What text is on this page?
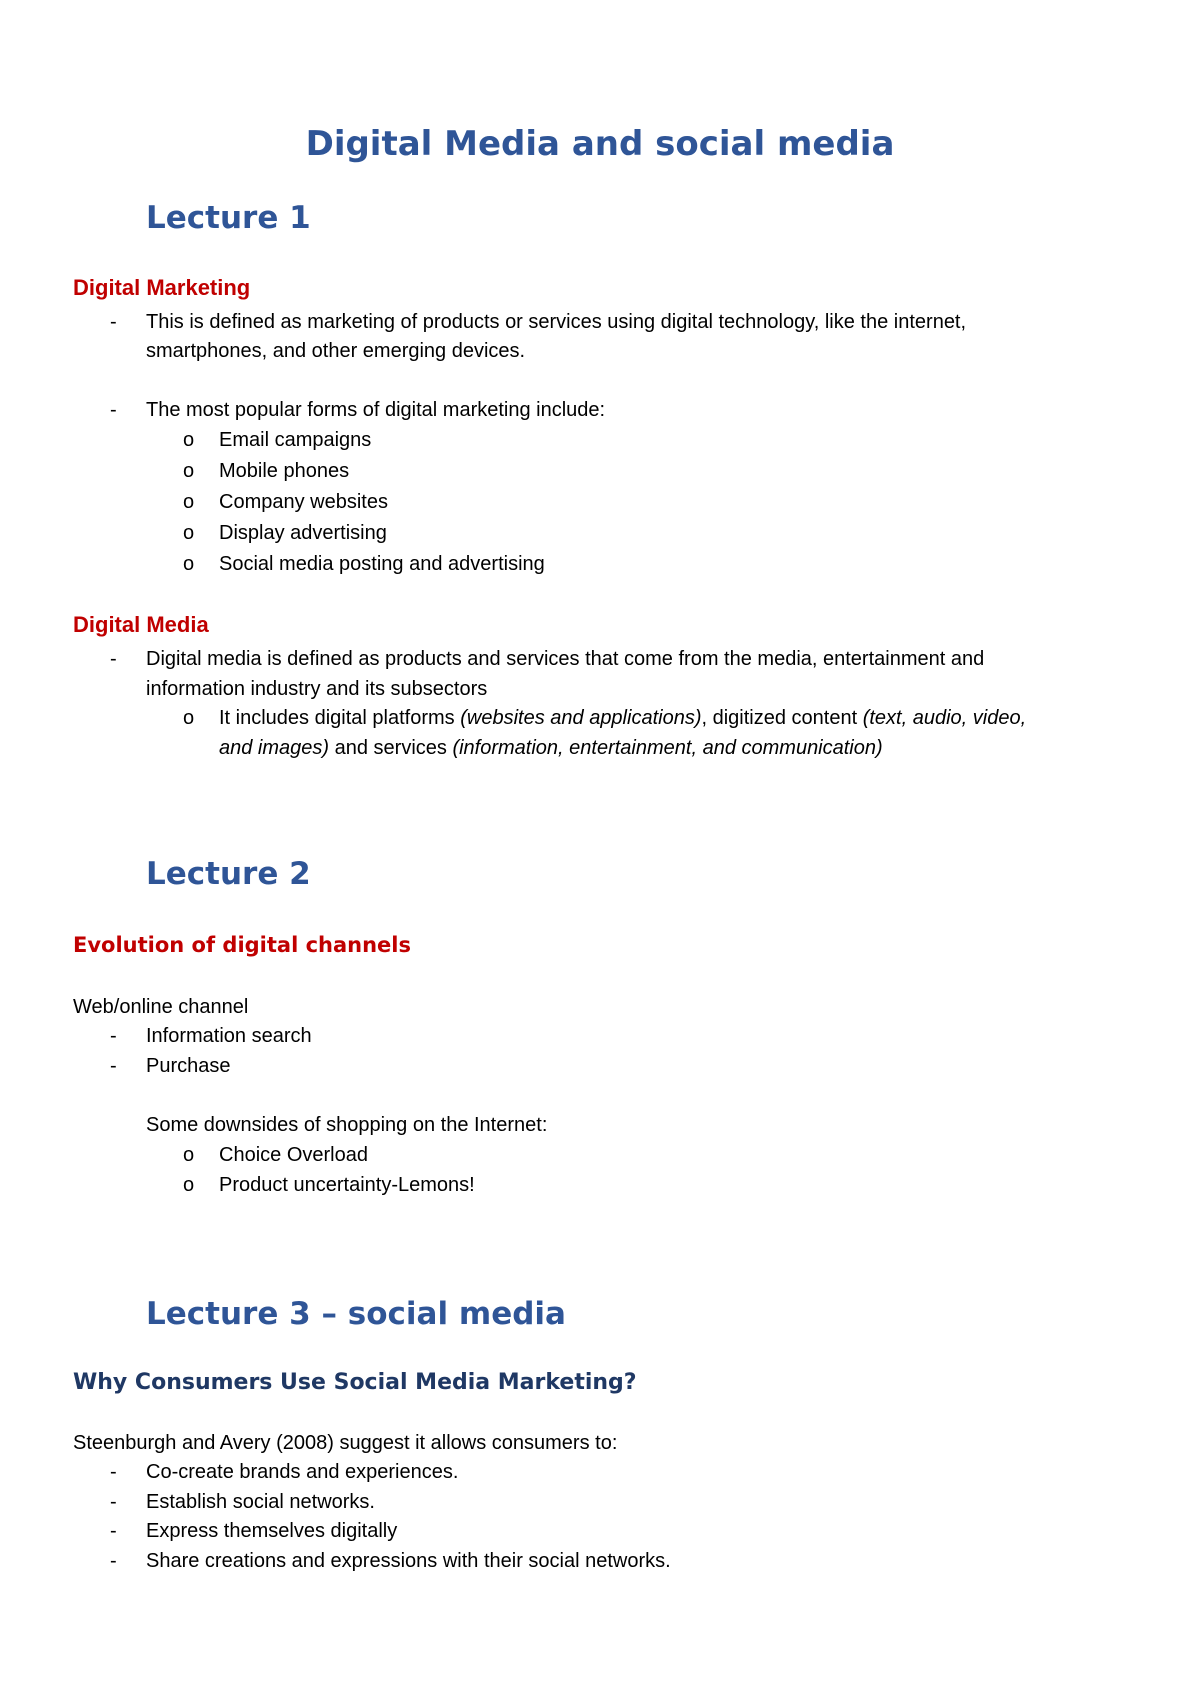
Digital Media and social media
Lecture 1
Digital Marketing
- This is defined as marketing of products or services using digital technology, like the internet,

smartphones, and other emerging devices.

- The most popular forms of digital marketing include:

o Email campaigns

o Mobile phones

o Company websites

o Display advertising

o Social media posting and advertising

Digital Media
- Digital media is defined as products and services that come from the media, entertainment and

information industry and its subsectors

o It includes digital platforms (websites and applications), digitized content (text, audio, video,

and images) and services (information, entertainment, and communication)

Lecture 2
Evolution of digital channels

Web/online channel

- Information search

- Purchase

Some downsides of shopping on the Internet:

o Choice Overload

o Product uncertainty-Lemons!

Lecture 3 – social media
Why Consumers Use Social Media Marketing?

Steenburgh and Avery (2008) suggest it allows consumers to:

- Co-create brands and experiences.

- Establish social networks.

- Express themselves digitally

- Share creations and expressions with their social networks.
